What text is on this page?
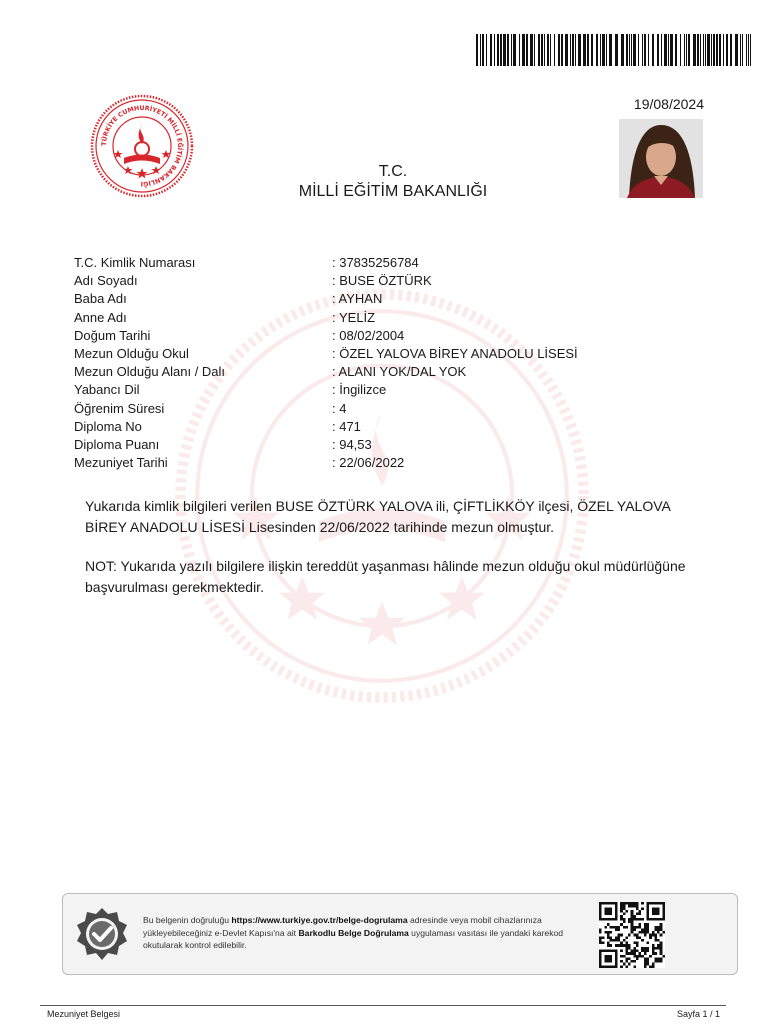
TÜRKİYE CUMHURİYETİ MİLLİ EĞİTİM BAKANLIĞI
19/08/2024
T.C.
MİLLİ EĞİTİM BAKANLIĞI
T.C. Kimlik Numarası	: 37835256784
Adı Soyadı	: BUSE ÖZTÜRK
Baba Adı	: AYHAN
Anne Adı	: YELİZ
Doğum Tarihi	: 08/02/2004
Mezun Olduğu Okul	: ÖZEL YALOVA BİREY ANADOLU LİSESİ
Mezun Olduğu Alanı / Dalı	: ALANI YOK/DAL YOK
Yabancı Dil	: İngilizce
Öğrenim Süresi	: 4
Diploma No	: 471
Diploma Puanı	: 94,53
Mezuniyet Tarihi	: 22/06/2022
Yukarıda kimlik bilgileri verilen BUSE ÖZTÜRK YALOVA ili, ÇİFTLİKKÖY ilçesi, ÖZEL YALOVA BİREY ANADOLU LİSESİ Lisesinden 22/06/2022 tarihinde mezun olmuştur.
NOT: Yukarıda yazılı bilgilere ilişkin tereddüt yaşanması hâlinde mezun olduğu okul müdürlüğüne başvurulması gerekmektedir.
Bu belgenin doğruluğu https://www.turkiye.gov.tr/belge-dogrulama adresinde veya mobil cihazlarınıza yükleyebileceğiniz e-Devlet Kapısı'na ait Barkodlu Belge Doğrulama uygulaması vasıtası ile yandaki karekod okutularak kontrol edilebilir.
Mezuniyet Belgesi	Sayfa 1 / 1
